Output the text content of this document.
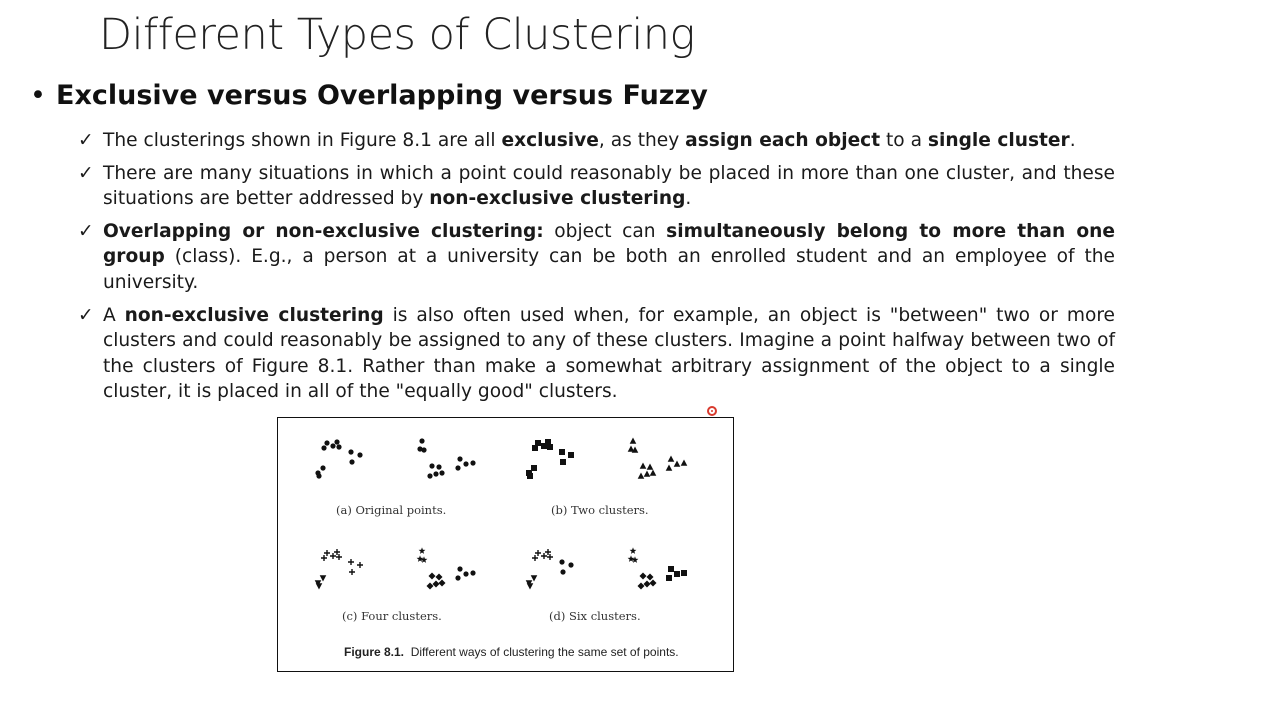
Different Types of Clustering
• Exclusive versus Overlapping versus Fuzzy
✓ The clusterings shown in Figure 8.1 are all exclusive, as they assign each object to a single cluster.
✓ There are many situations in which a point could reasonably be placed in more than one cluster, and these situations are better addressed by non-exclusive clustering.
✓ Overlapping or non-exclusive clustering: object can simultaneously belong to more than one group (class). E.g., a person at a university can be both an enrolled student and an employee of the university.
✓ A non-exclusive clustering is also often used when, for example, an object is "between" two or more clusters and could reasonably be assigned to any of these clusters. Imagine a point halfway between two of the clusters of Figure 8.1. Rather than make a somewhat arbitrary assignment of the object to a single cluster, it is placed in all of the "equally good" clusters.
(a) Original points.	(b) Two clusters.
(c) Four clusters.	(d) Six clusters.
Figure 8.1. Different ways of clustering the same set of points.
